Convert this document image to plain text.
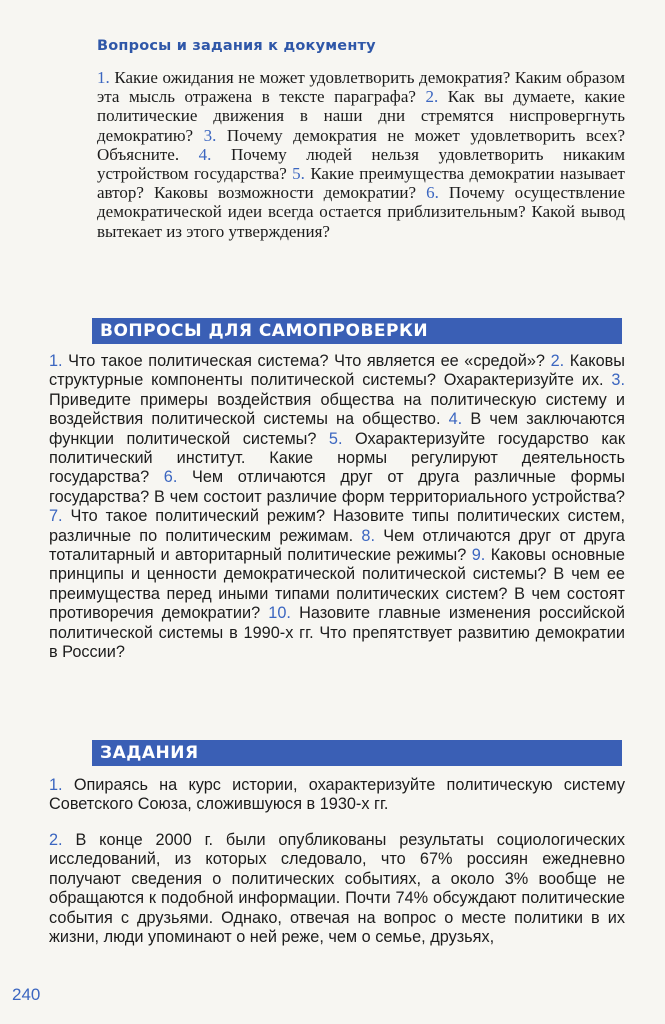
Вопросы и задания к документу

1. Какие ожидания не может удовлетворить демократия? Каким образом эта мысль отражена в тексте параграфа? 2. Как вы думаете, какие политические движения в наши дни стремятся ниспровергнуть демократию? 3. Почему демократия не может удовлетворить всех? Объясните. 4. Почему людей нельзя удовлетворить никаким устройством государства? 5. Какие преимущества демократии называет автор? Каковы возможности демократии? 6. Почему осуществление демократической идеи всегда остается приблизительным? Какой вывод вытекает из этого утверждения?

ВОПРОСЫ ДЛЯ САМОПРОВЕРКИ

1. Что такое политическая система? Что является ее «средой»? 2. Каковы структурные компоненты политической системы? Охарактеризуйте их. 3. Приведите примеры воздействия общества на политическую систему и воздействия политической системы на общество. 4. В чем заключаются функции политической системы? 5. Охарактеризуйте государство как политический институт. Какие нормы регулируют деятельность государства? 6. Чем отличаются друг от друга различные формы государства? В чем состоит различие форм территориального устройства? 7. Что такое политический режим? Назовите типы политических систем, различные по политическим режимам. 8. Чем отличаются друг от друга тоталитарный и авторитарный политические режимы? 9. Каковы основные принципы и ценности демократической политической системы? В чем ее преимущества перед иными типами политических систем? В чем состоят противоречия демократии? 10. Назовите главные изменения российской политической системы в 1990-х гг. Что препятствует развитию демократии в России?

ЗАДАНИЯ

1. Опираясь на курс истории, охарактеризуйте политическую систему Советского Союза, сложившуюся в 1930-х гг.

2. В конце 2000 г. были опубликованы результаты социологических исследований, из которых следовало, что 67% россиян ежедневно получают сведения о политических событиях, а около 3% вообще не обращаются к подобной информации. Почти 74% обсуждают политические события с друзьями. Однако, отвечая на вопрос о месте политики в их жизни, люди упоминают о ней реже, чем о семье, друзьях,

240
